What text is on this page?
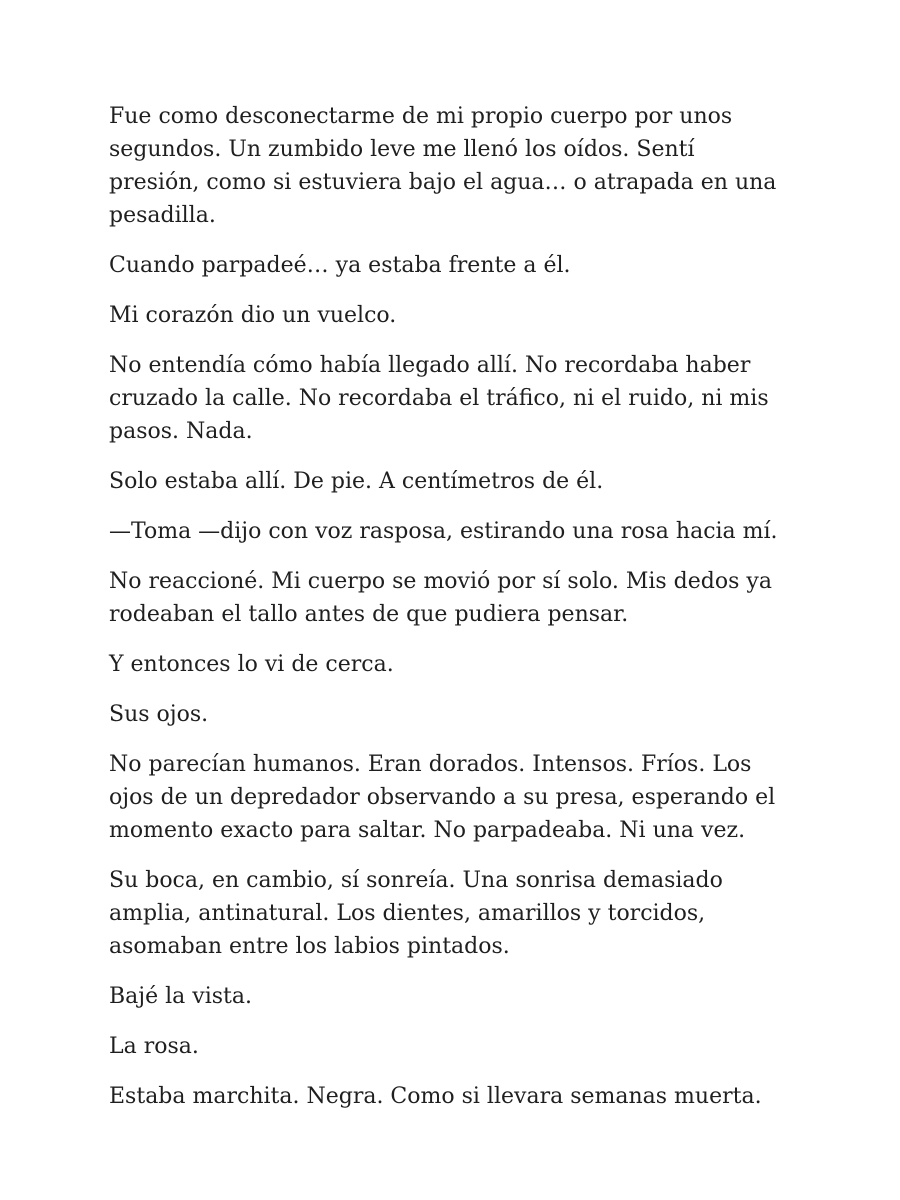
Fue como desconectarme de mi propio cuerpo por unos segundos. Un zumbido leve me llenó los oídos. Sentí presión, como si estuviera bajo el agua… o atrapada en una pesadilla.

Cuando parpadeé… ya estaba frente a él.

Mi corazón dio un vuelco.

No entendía cómo había llegado allí. No recordaba haber cruzado la calle. No recordaba el tráfico, ni el ruido, ni mis pasos. Nada.

Solo estaba allí. De pie. A centímetros de él.

—Toma —dijo con voz rasposa, estirando una rosa hacia mí.

No reaccioné. Mi cuerpo se movió por sí solo. Mis dedos ya rodeaban el tallo antes de que pudiera pensar.

Y entonces lo vi de cerca.

Sus ojos.

No parecían humanos. Eran dorados. Intensos. Fríos. Los ojos de un depredador observando a su presa, esperando el momento exacto para saltar. No parpadeaba. Ni una vez.

Su boca, en cambio, sí sonreía. Una sonrisa demasiado amplia, antinatural. Los dientes, amarillos y torcidos, asomaban entre los labios pintados.

Bajé la vista.

La rosa.

Estaba marchita. Negra. Como si llevara semanas muerta.
